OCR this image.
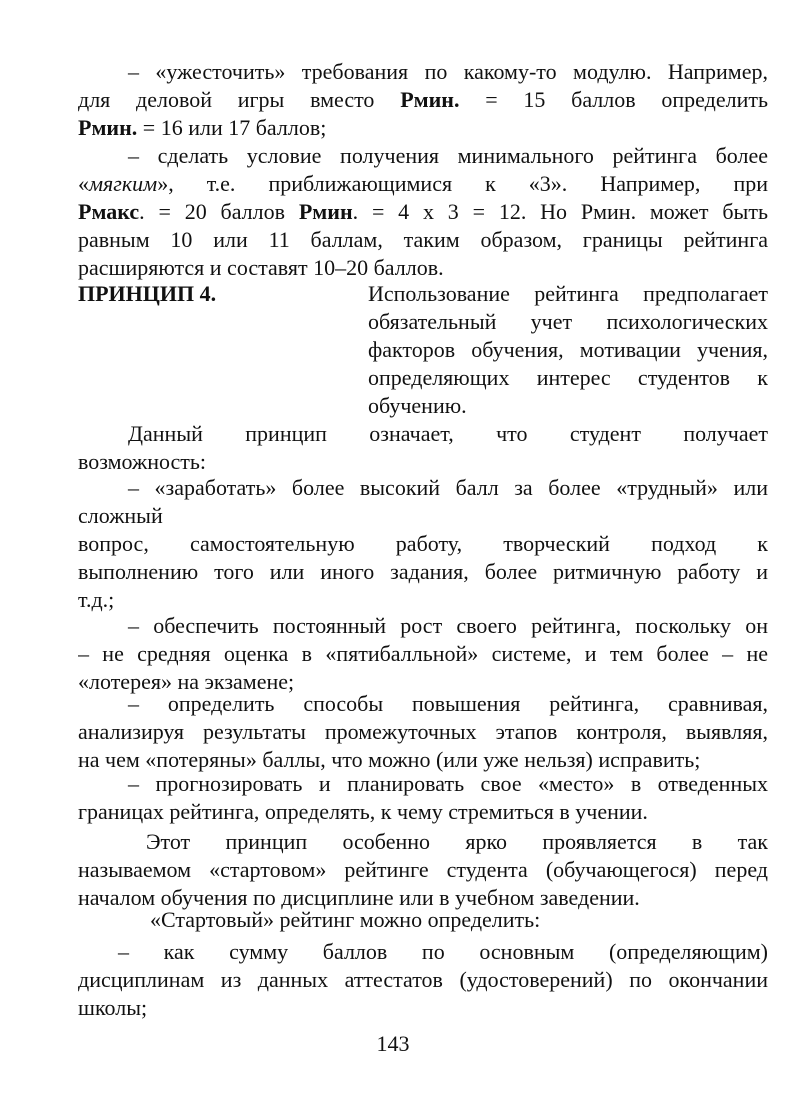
– «ужесточить» требования по какому-то модулю. Например,
для деловой игры вместо Рмин. = 15 баллов определить
Рмин. = 16 или 17 баллов;
– сделать условие получения минимального рейтинга более
«мягким», т.е. приближающимися к «3». Например, при
Рмакс. = 20 баллов Рмин. = 4 х 3 = 12. Но Рмин. может быть
равным 10 или 11 баллам, таким образом, границы рейтинга
расширяются и составят 10–20 баллов.
ПРИНЦИП 4.	Использование рейтинга предполагает
обязательный учет психологических
факторов обучения, мотивации учения,
определяющих интерес студентов к
обучению.
Данный принцип означает, что студент получает
возможность:
– «заработать» более высокий балл за более «трудный» или
сложный
вопрос, самостоятельную работу, творческий подход к
выполнению того или иного задания, более ритмичную работу и
т.д.;
– обеспечить постоянный рост своего рейтинга, поскольку он
– не средняя оценка в «пятибалльной» системе, и тем более – не
«лотерея» на экзамене;
– определить способы повышения рейтинга, сравнивая,
анализируя результаты промежуточных этапов контроля, выявляя,
на чем «потеряны» баллы, что можно (или уже нельзя) исправить;
– прогнозировать и планировать свое «место» в отведенных
границах рейтинга, определять, к чему стремиться в учении.
Этот принцип особенно ярко проявляется в так
называемом «стартовом» рейтинге студента (обучающегося) перед
началом обучения по дисциплине или в учебном заведении.
«Стартовый» рейтинг можно определить:
– как сумму баллов по основным (определяющим)
дисциплинам из данных аттестатов (удостоверений) по окончании
школы;
143
